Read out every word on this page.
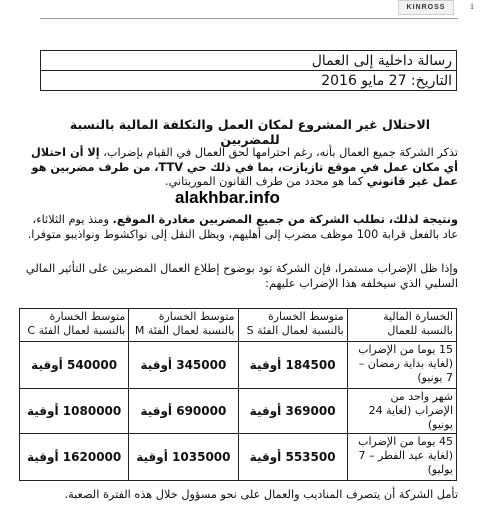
1
KINROSS
رسالة داخلية إلى العمال
التاريخ: 27 مايو 2016
الاحتلال غير المشروع لمكان العمل والتكلفة المالية بالنسبة للمضربين
تذكر الشركة جميع العمال بأنه، رغم احترامها لحق العمال في القيام بإضراب، إلا أن احتلال أي مكان عمل في موقع تازيازت، بما في ذلك حي TTV، من طرف مضربين هو عمل غير قانوني كما هو محدد من طرف القانون الموريتاني.
alakhbar.info
ونتيجة لذلك، تطلب الشركة من جميع المضربين مغادرة الموقع. ومنذ يوم الثلاثاء، عاد بالفعل قرابة 100 موظف مضرب إلى أهليهم، ويظل النقل إلى نواكشوط ونواذيبو متوفرا.
وإذا ظل الإضراب مستمرا، فإن الشركة تود بوضوح إطلاع العمال المضربين على التأثير المالي السلبي الذي سيخلفه هذا الإضراب عليهم:
الخسارة المالية بالنسبة للعمال	متوسط الخسارة بالنسبة لعمال الفئة S	متوسط الخسارة بالنسبة لعمال الفئة M	متوسط الخسارة بالنسبة لعمال الفئة C
15 يوما من الإضراب (لغاية بداية رمضان – 7 يونيو)	184500 أوقية	345000 أوقية	540000 أوقية
شهر واحد من الإضراب (لغاية 24 يونيو)	369000 أوقية	690000 أوقية	1080000 أوقية
45 يوما من الإضراب (لغاية عيد الفطر – 7 يوليو)	553500 أوقية	1035000 أوقية	1620000 أوقية
تأمل الشركة أن يتصرف المناديب والعمال على نحو مسؤول خلال هذه الفترة الصعبة.
